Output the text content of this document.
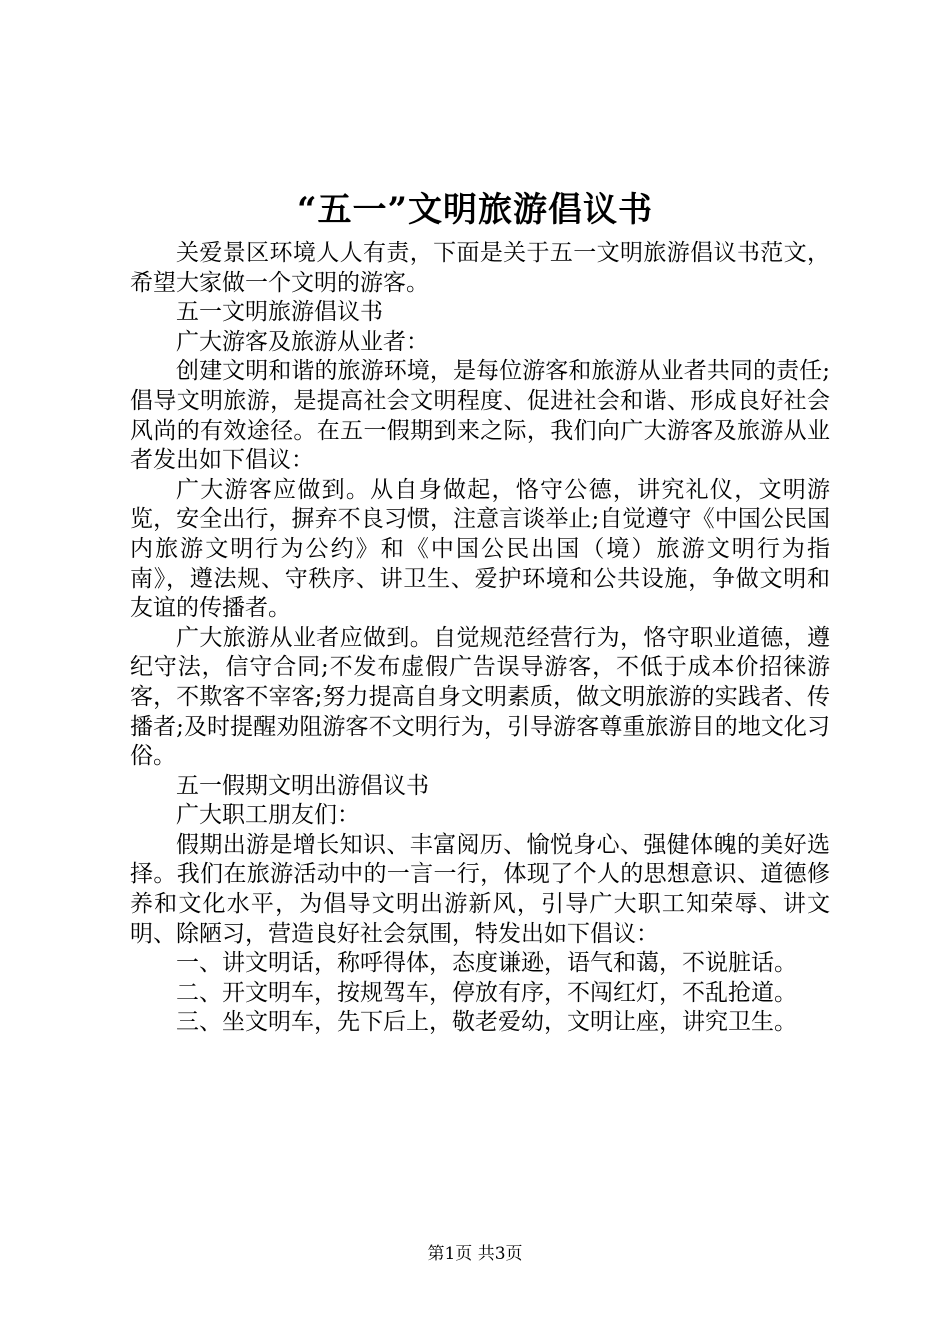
“五一”文明旅游倡议书

关爱景区环境人人有责，下面是关于五一文明旅游倡议书范文，希望大家做一个文明的游客。

五一文明旅游倡议书

广大游客及旅游从业者：

创建文明和谐的旅游环境，是每位游客和旅游从业者共同的责任;倡导文明旅游，是提高社会文明程度、促进社会和谐、形成良好社会风尚的有效途径。在五一假期到来之际，我们向广大游客及旅游从业者发出如下倡议：

广大游客应做到。从自身做起，恪守公德，讲究礼仪，文明游览，安全出行，摒弃不良习惯，注意言谈举止;自觉遵守《中国公民国内旅游文明行为公约》和《中国公民出国（境）旅游文明行为指南》，遵法规、守秩序、讲卫生、爱护环境和公共设施，争做文明和友谊的传播者。

广大旅游从业者应做到。自觉规范经营行为，恪守职业道德，遵纪守法，信守合同;不发布虚假广告误导游客，不低于成本价招徕游客，不欺客不宰客;努力提高自身文明素质，做文明旅游的实践者、传播者;及时提醒劝阻游客不文明行为，引导游客尊重旅游目的地文化习俗。

五一假期文明出游倡议书

广大职工朋友们：

假期出游是增长知识、丰富阅历、愉悦身心、强健体魄的美好选择。我们在旅游活动中的一言一行，体现了个人的思想意识、道德修养和文化水平，为倡导文明出游新风，引导广大职工知荣辱、讲文明、除陋习，营造良好社会氛围，特发出如下倡议：

一、讲文明话，称呼得体，态度谦逊，语气和蔼，不说脏话。

二、开文明车，按规驾车，停放有序，不闯红灯，不乱抢道。

三、坐文明车，先下后上，敬老爱幼，文明让座，讲究卫生。

第1页 共3页
